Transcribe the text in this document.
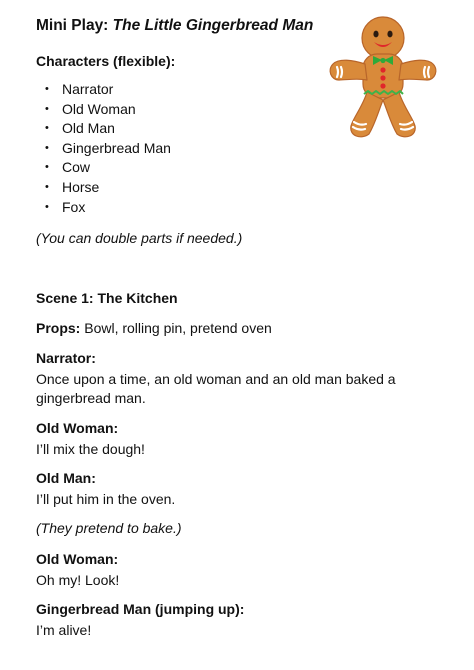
Mini Play: The Little Gingerbread Man
Characters (flexible):
• Narrator
• Old Woman
• Old Man
• Gingerbread Man
• Cow
• Horse
• Fox

(You can double parts if needed.)

Scene 1: The Kitchen

Props: Bowl, rolling pin, pretend oven

Narrator:

Once upon a time, an old woman and an old man baked a

gingerbread man.

Old Woman:

I’ll mix the dough!

Old Man:

I’ll put him in the oven.

(They pretend to bake.)

Old Woman:

Oh my! Look!

Gingerbread Man (jumping up):

I’m alive!
